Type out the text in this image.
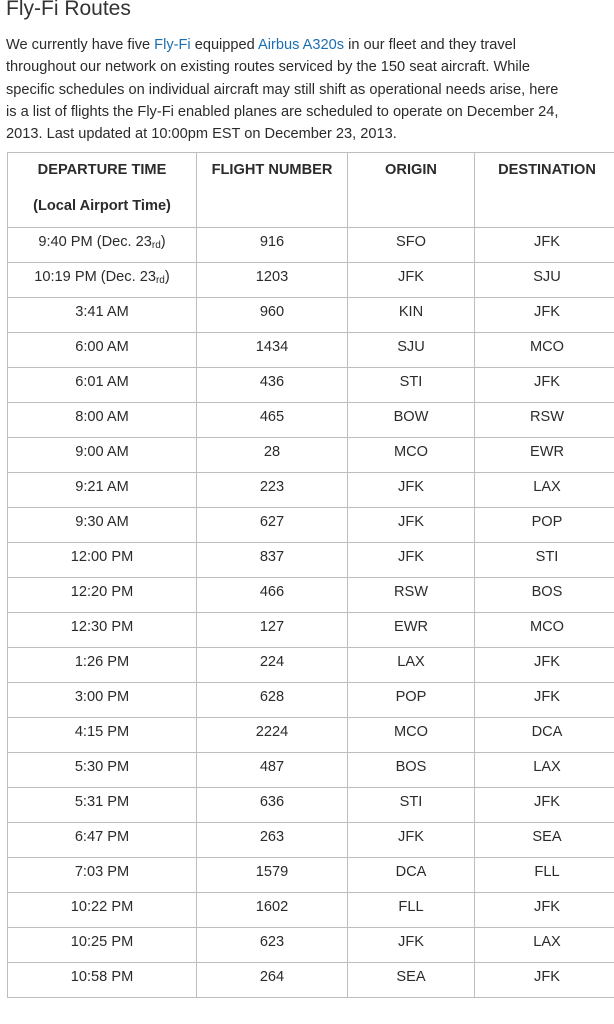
Fly-Fi Routes

We currently have five Fly-Fi equipped Airbus A320s in our fleet and they travel
throughout our network on existing routes serviced by the 150 seat aircraft. While
specific schedules on individual aircraft may still shift as operational needs arise, here
is a list of flights the Fly-Fi enabled planes are scheduled to operate on December 24,
2013. Last updated at 10:00pm EST on December 23, 2013.

DEPARTURE TIME
(Local Airport Time)	FLIGHT NUMBER	ORIGIN	DESTINATION
9:40 PM (Dec. $23_{rd}$)	916	SFO	JFK
10:19 PM (Dec. $23_{rd}$)	1203	JFK	SJU
3:41 AM	960	KIN	JFK
6:00 AM	1434	SJU	MCO
6:01 AM	436	STI	JFK
8:00 AM	465	BOW	RSW
9:00 AM	28	MCO	EWR
9:21 AM	223	JFK	LAX
9:30 AM	627	JFK	POP
12:00 PM	837	JFK	STI
12:20 PM	466	RSW	BOS
12:30 PM	127	EWR	MCO
1:26 PM	224	LAX	JFK
3:00 PM	628	POP	JFK
4:15 PM	2224	MCO	DCA
5:30 PM	487	BOS	LAX
5:31 PM	636	STI	JFK
6:47 PM	263	JFK	SEA
7:03 PM	1579	DCA	FLL
10:22 PM	1602	FLL	JFK
10:25 PM	623	JFK	LAX
10:58 PM	264	SEA	JFK
